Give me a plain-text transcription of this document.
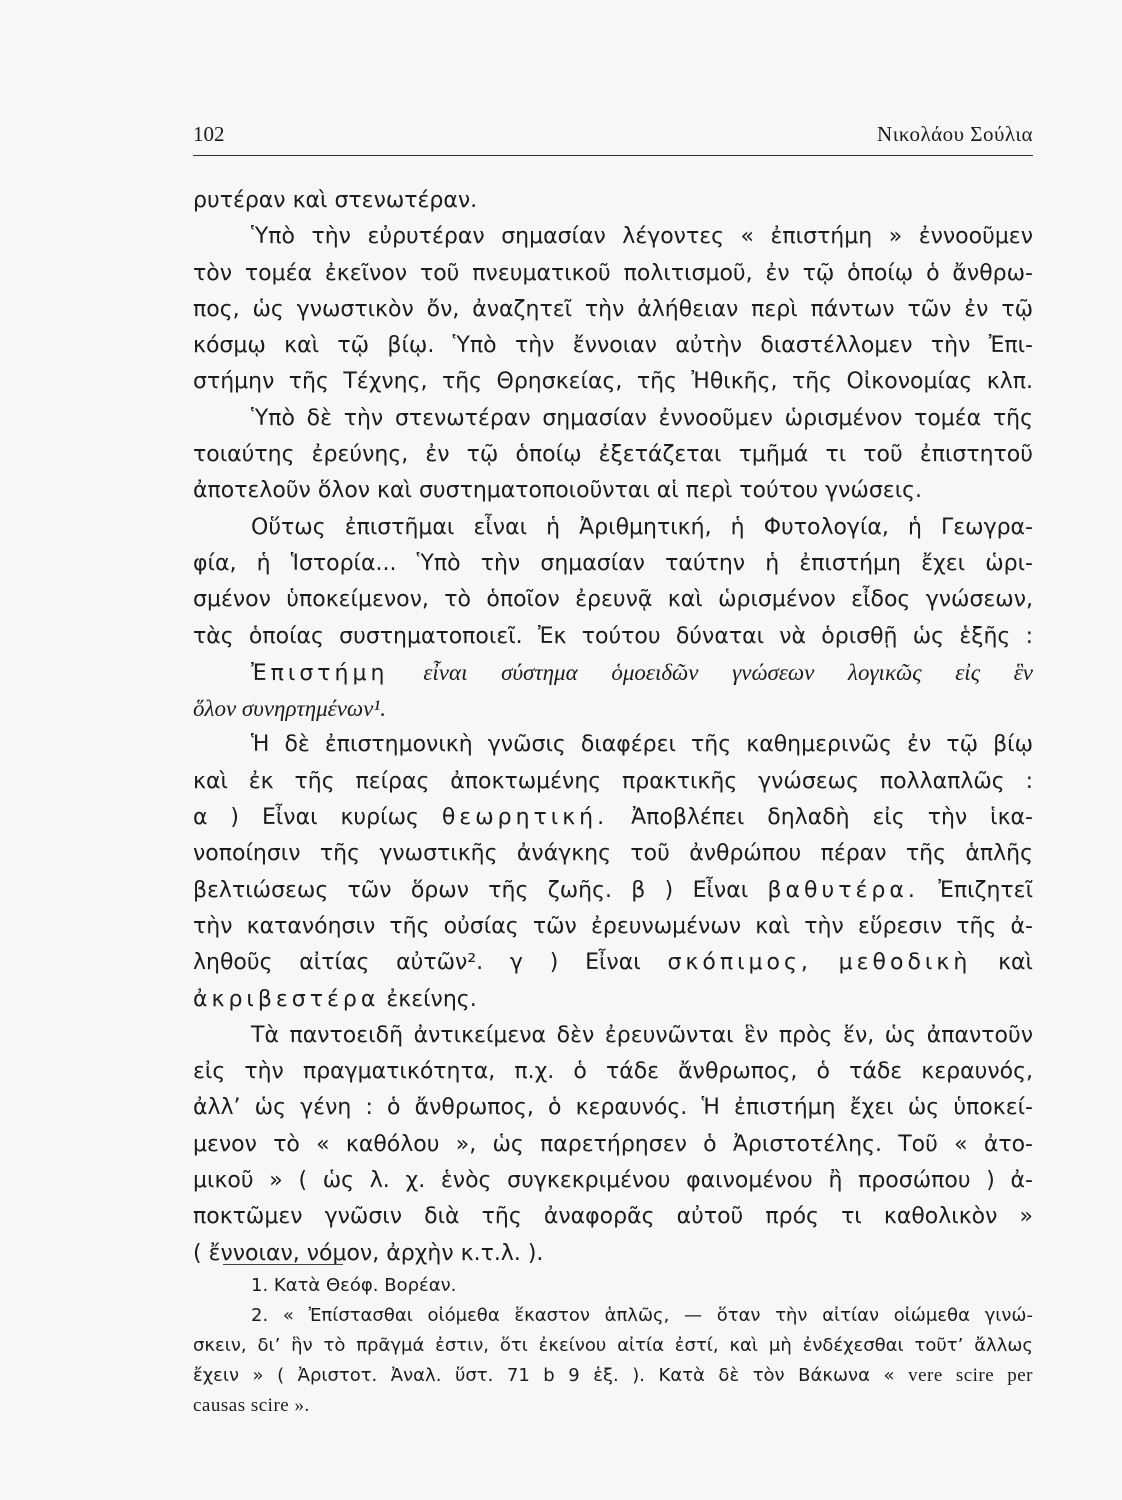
102	Νικολάου Σούλια
ρυτέραν καὶ στενωτέραν.
Ὑπὸ τὴν εὐρυτέραν σημασίαν λέγοντες « ἐπιστήμη » ἐννοοῦμεν
τὸν τομέα ἐκεῖνον τοῦ πνευματικοῦ πολιτισμοῦ, ἐν τῷ ὁποίῳ ὁ ἄνθρω-
πος, ὡς γνωστικὸν ὄν, ἀναζητεῖ τὴν ἀλήθειαν περὶ πάντων τῶν ἐν τῷ
κόσμῳ καὶ τῷ βίῳ. Ὑπὸ τὴν ἔννοιαν αὐτὴν διαστέλλομεν τὴν Ἐπι-
στήμην τῆς Τέχνης, τῆς Θρησκείας, τῆς Ἠθικῆς, τῆς Οἰκονομίας κλπ.
Ὑπὸ δὲ τὴν στενωτέραν σημασίαν ἐννοοῦμεν ὡρισμένον τομέα τῆς
τοιαύτης ἐρεύνης, ἐν τῷ ὁποίῳ ἐξετάζεται τμῆμά τι τοῦ ἐπιστητοῦ
ἀποτελοῦν ὅλον καὶ συστηματοποιοῦνται αἱ περὶ τούτου γνώσεις.
Οὕτως ἐπιστῆμαι εἶναι ἡ Ἀριθμητική, ἡ Φυτολογία, ἡ Γεωγρα-
φία, ἡ Ἱστορία... Ὑπὸ τὴν σημασίαν ταύτην ἡ ἐπιστήμη ἔχει ὡρι-
σμένον ὑποκείμενον, τὸ ὁποῖον ἐρευνᾷ καὶ ὡρισμένον εἶδος γνώσεων,
τὰς ὁποίας συστηματοποιεῖ. Ἐκ τούτου δύναται νὰ ὁρισθῇ ὡς ἑξῆς :
Ἐπιστήμη εἶναι σύστημα ὁμοειδῶν γνώσεων λογικῶς εἰς ἓν
ὅλον συνηρτημένων¹.
Ἡ δὲ ἐπιστημονικὴ γνῶσις διαφέρει τῆς καθημερινῶς ἐν τῷ βίῳ
καὶ ἐκ τῆς πείρας ἀποκτωμένης πρακτικῆς γνώσεως πολλαπλῶς :
α ) Εἶναι κυρίως θεωρητική. Ἀποβλέπει δηλαδὴ εἰς τὴν ἱκα-
νοποίησιν τῆς γνωστικῆς ἀνάγκης τοῦ ἀνθρώπου πέραν τῆς ἁπλῆς
βελτιώσεως τῶν ὅρων τῆς ζωῆς. β ) Εἶναι βαθυτέρα. Ἐπιζητεῖ
τὴν κατανόησιν τῆς οὐσίας τῶν ἐρευνωμένων καὶ τὴν εὕρεσιν τῆς ἀ-
ληθοῦς αἰτίας αὐτῶν². γ ) Εἶναι σκόπιμος, μεθοδικὴ καὶ
ἀκριβεστέρα ἐκείνης.
Τὰ παντοειδῆ ἀντικείμενα δὲν ἐρευνῶνται ἓν πρὸς ἕν, ὡς ἀπαντοῦν
εἰς τὴν πραγματικότητα, π.χ. ὁ τάδε ἄνθρωπος, ὁ τάδε κεραυνός,
ἀλλ’ ὡς γένη : ὁ ἄνθρωπος, ὁ κεραυνός. Ἡ ἐπιστήμη ἔχει ὡς ὑποκεί-
μενον τὸ « καθόλου », ὡς παρετήρησεν ὁ Ἀριστοτέλης. Τοῦ « ἀτο-
μικοῦ » ( ὡς λ. χ. ἑνὸς συγκεκριμένου φαινομένου ἢ προσώπου ) ἀ-
ποκτῶμεν γνῶσιν διὰ τῆς ἀναφορᾶς αὐτοῦ πρός τι καθολικὸν »
( ἔννοιαν, νόμον, ἀρχὴν κ.τ.λ. ).
1. Κατὰ Θεόφ. Βορέαν.
2. « Ἐπίστασθαι οἰόμεθα ἕκαστον ἁπλῶς, — ὅταν τὴν αἰτίαν οἰώμεθα γινώ-
σκειν, δι’ ἣν τὸ πρᾶγμά ἐστιν, ὅτι ἐκείνου αἰτία ἐστί, καὶ μὴ ἐνδέχεσθαι τοῦτ’ ἄλλως
ἔχειν » ( Ἀριστοτ. Ἀναλ. ὕστ. 71 b 9 ἑξ. ). Κατὰ δὲ τὸν Βάκωνα « vere scire per
causas scire ».
